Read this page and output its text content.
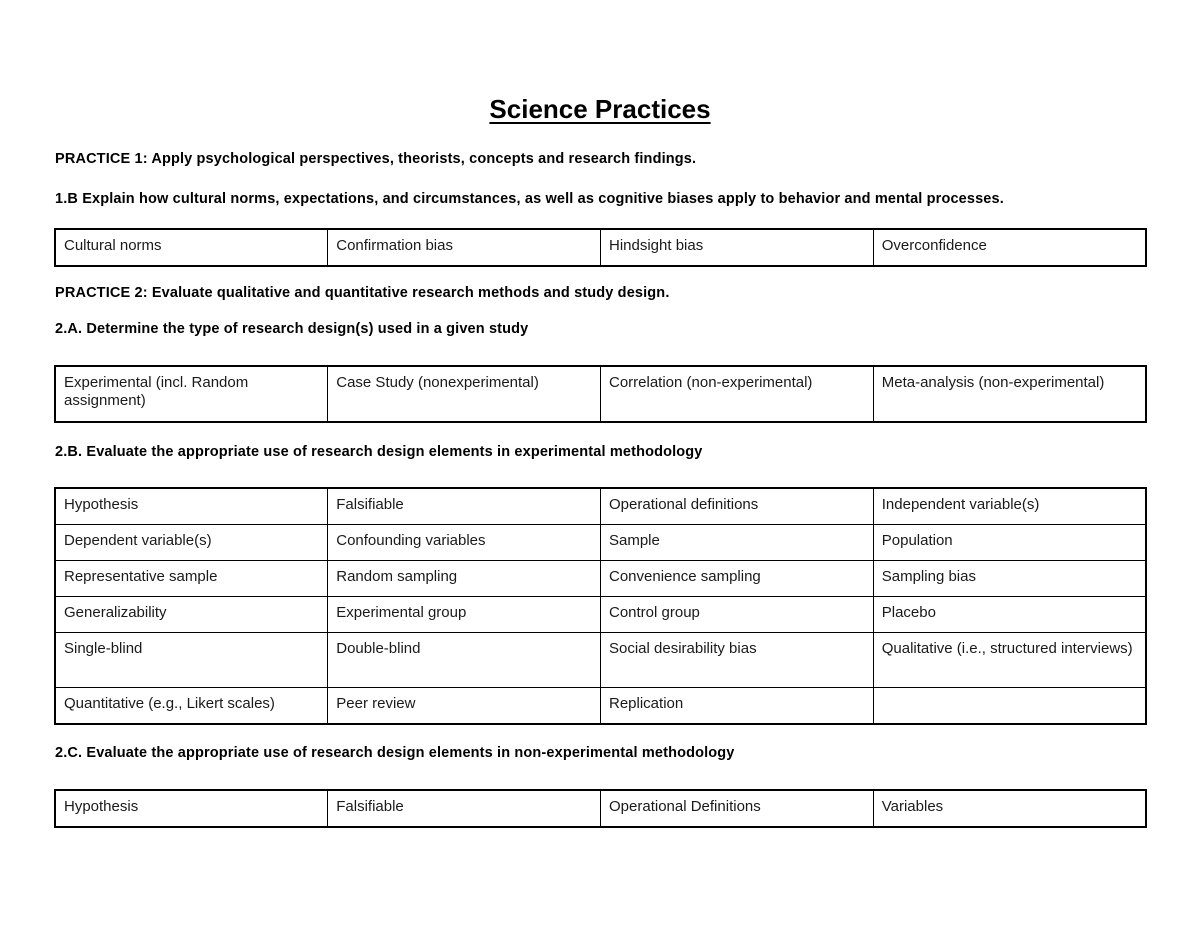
Science Practices
PRACTICE 1: Apply psychological perspectives, theorists, concepts and research findings.
1.B Explain how cultural norms, expectations, and circumstances, as well as cognitive biases apply to behavior and mental processes.
Cultural norms	Confirmation bias	Hindsight bias	Overconfidence
PRACTICE 2: Evaluate qualitative and quantitative research methods and study design.
2.A. Determine the type of research design(s) used in a given study
Experimental (incl. Random assignment)	Case Study (nonexperimental)	Correlation (non-experimental)	Meta-analysis (non-experimental)
2.B. Evaluate the appropriate use of research design elements in experimental methodology
Hypothesis	Falsifiable	Operational definitions	Independent variable(s)
Dependent variable(s)	Confounding variables	Sample	Population
Representative sample	Random sampling	Convenience sampling	Sampling bias
Generalizability	Experimental group	Control group	Placebo
Single-blind	Double-blind	Social desirability bias	Qualitative (i.e., structured interviews)
Quantitative (e.g., Likert scales)	Peer review	Replication	
2.C. Evaluate the appropriate use of research design elements in non-experimental methodology
Hypothesis	Falsifiable	Operational Definitions	Variables
